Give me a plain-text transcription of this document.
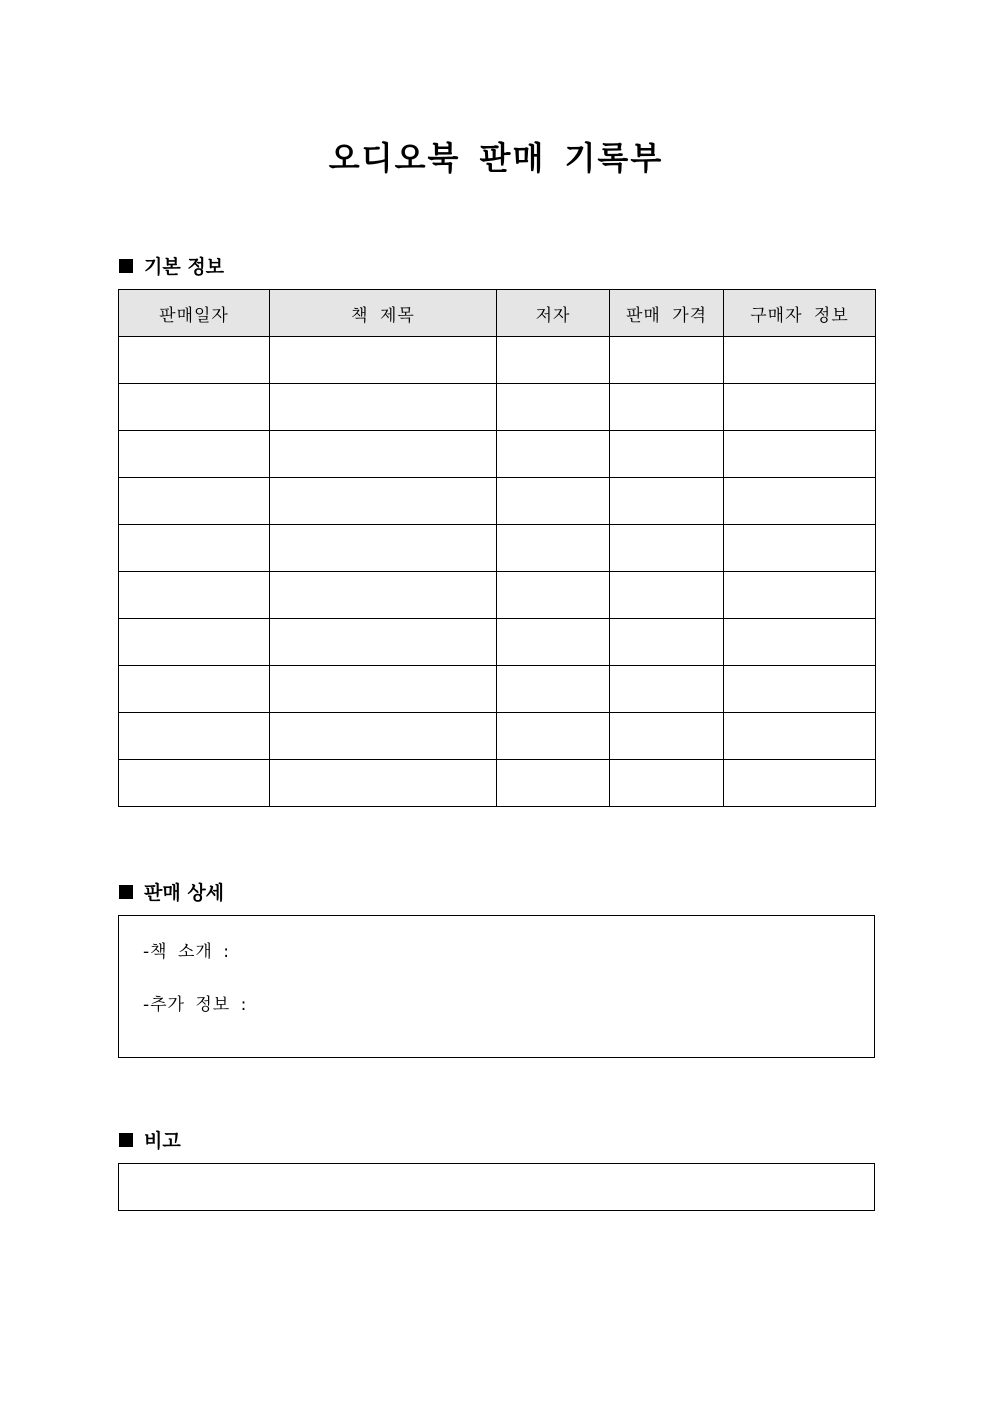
오디오북 판매 기록부
기본 정보
판매일자	책 제목	저자	판매 가격	구매자 정보

판매 상세
-책 소개 :
-추가 정보 :
비고
